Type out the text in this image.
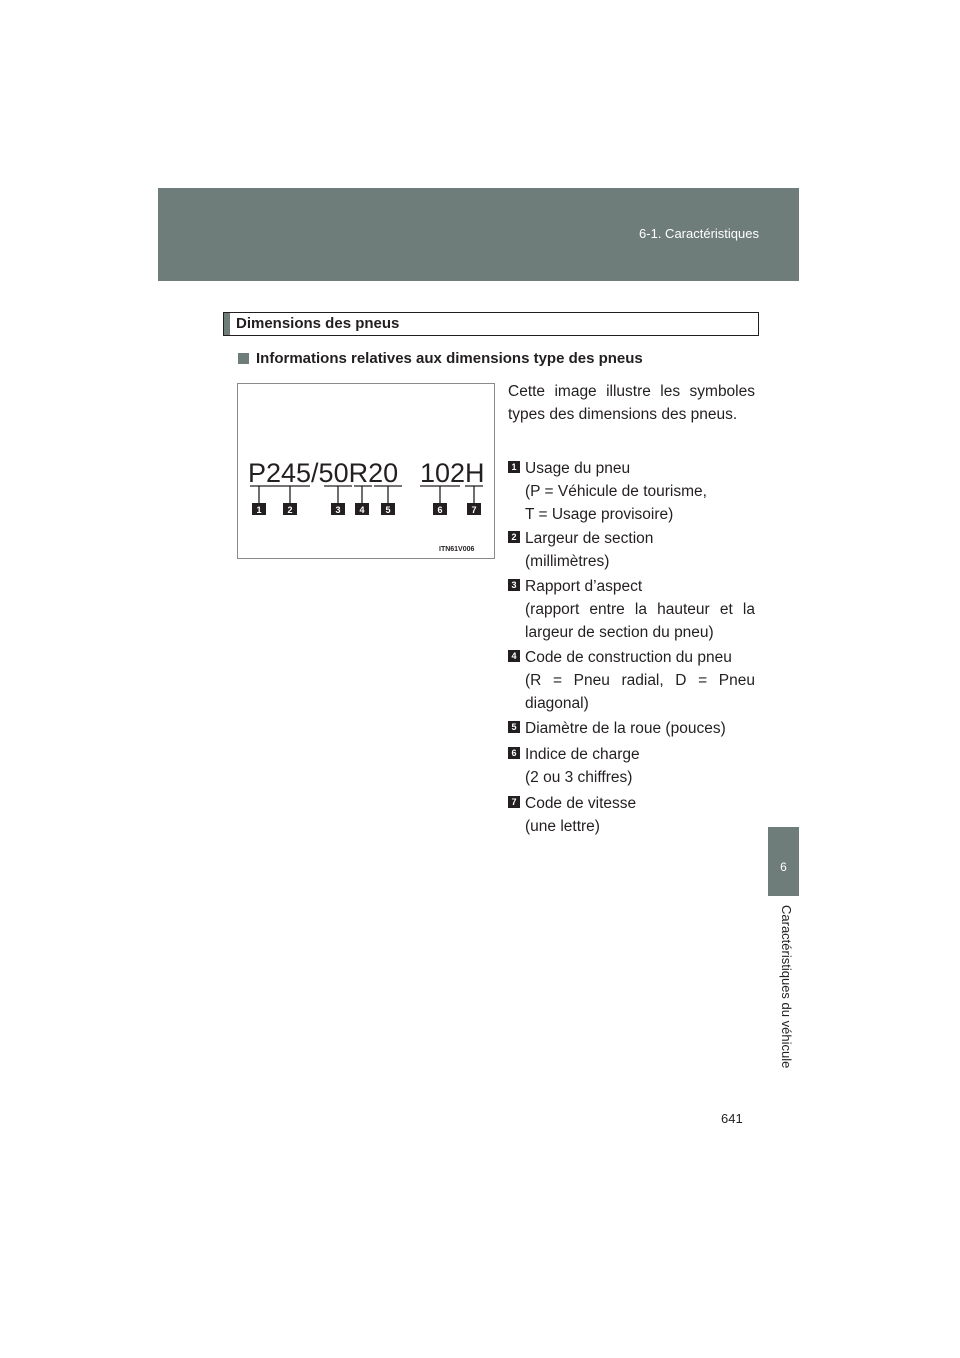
6-1. Caractéristiques
6
Caractéristiques du véhicule
Dimensions des pneus
Informations relatives aux dimensions type des pneus
P245/50R20 102H
1	2	3 4 5	6	7
ITN61V006
Cette image illustre les symboles types des dimensions des pneus.
1 Usage du pneu
(P = Véhicule de tourisme,
T = Usage provisoire)
2 Largeur de section
(millimètres)
3 Rapport d’aspect
(rapport entre la hauteur et la largeur de section du pneu)
4 Code de construction du pneu
(R = Pneu radial, D = Pneu diagonal)
5 Diamètre de la roue (pouces)
6 Indice de charge
(2 ou 3 chiffres)
7 Code de vitesse
(une lettre)
641
